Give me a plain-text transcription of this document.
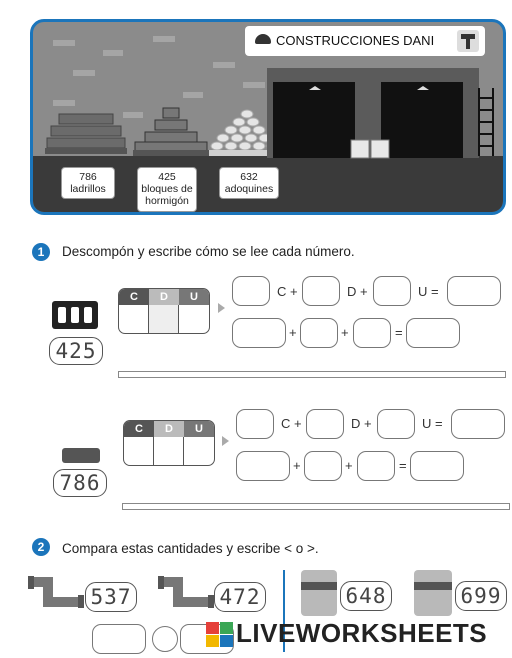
CONSTRUCCIONES DANI
786
ladrillos
425
bloques de
hormigón
632
adoquines
1	Descompón y escribe cómo se lee cada número.
425
C	D	U	C +	D +	U =
+	+	=
786
C	D	U	C +	D +	U =
+	+	=
2	Compara estas cantidades y escribe < o >.
537	472	648	699
LIVEWORKSHEETS
